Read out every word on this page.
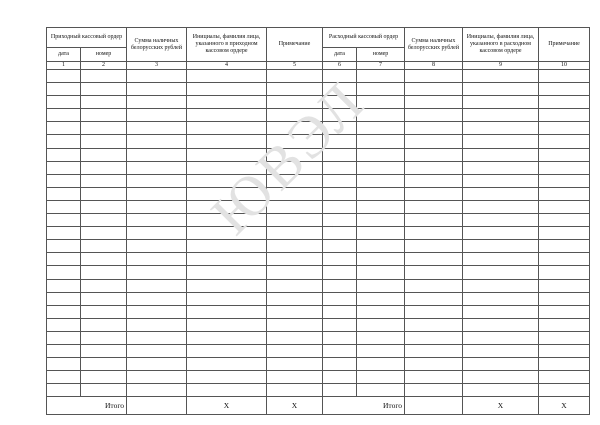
Приходный кассовый ордер		Сумма наличных белорусских рублей	Инициалы, фамилия лица, указанного в приходном кассовом ордере	Примечание	Расходный кассовый ордер		Сумма наличных белорусских рублей	Инициалы, фамилия лица, указанного в расходном кассовом ордере	Примечание
дата	номер				дата	номер			
1	2	3	4	5	6	7	8	9	10

Итого			X	X	Итого			X	X
ЮВЭЛ
